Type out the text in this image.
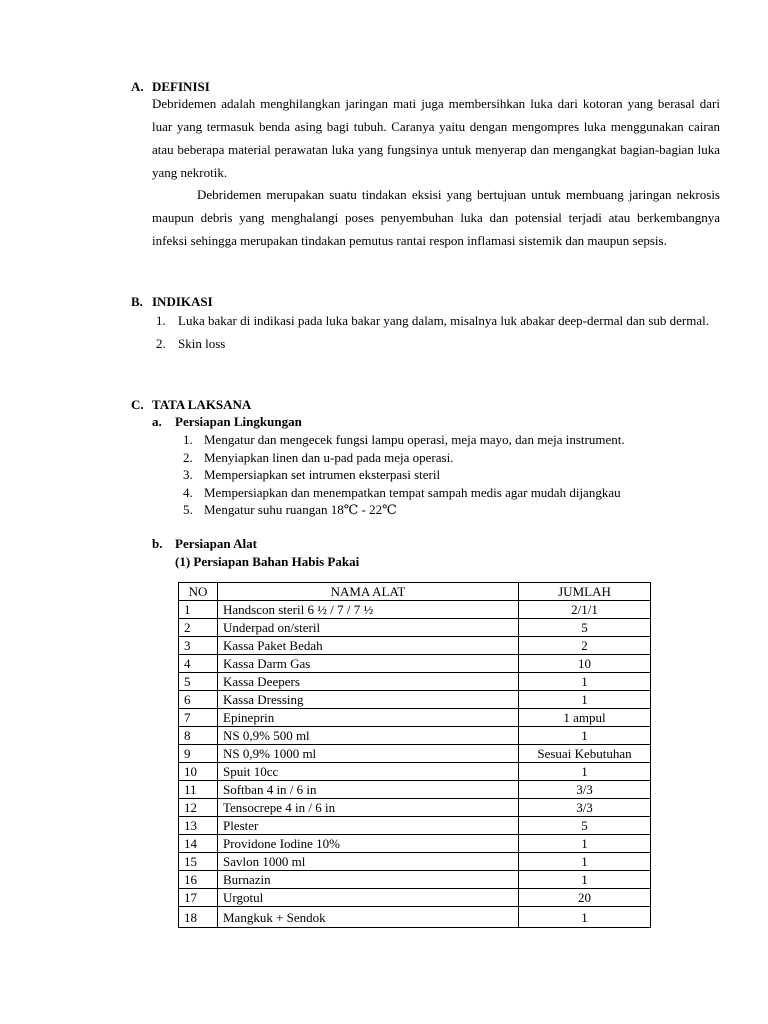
A. DEFINISI
Debridemen adalah menghilangkan jaringan mati juga membersihkan luka dari kotoran yang berasal dari luar yang termasuk benda asing bagi tubuh. Caranya yaitu dengan mengompres luka menggunakan cairan atau beberapa material perawatan luka yang fungsinya untuk menyerap dan mengangkat bagian-bagian luka yang nekrotik.
Debridemen merupakan suatu tindakan eksisi yang bertujuan untuk membuang jaringan nekrosis maupun debris yang menghalangi poses penyembuhan luka dan potensial terjadi atau berkembangnya infeksi sehingga merupakan tindakan pemutus rantai respon inflamasi sistemik dan maupun sepsis.
B. INDIKASI
1. Luka bakar di indikasi pada luka bakar yang dalam, misalnya luk abakar deep-dermal dan sub dermal.
2. Skin loss
C. TATA LAKSANA
a. Persiapan Lingkungan
1. Mengatur dan mengecek fungsi lampu operasi, meja mayo, dan meja instrument.
2. Menyiapkan linen dan u-pad pada meja operasi.
3. Mempersiapkan set intrumen eksterpasi steril
4. Mempersiapkan dan menempatkan tempat sampah medis agar mudah dijangkau
5. Mengatur suhu ruangan 18℃ - 22℃
b. Persiapan Alat
(1) Persiapan Bahan Habis Pakai
NO	NAMA ALAT	JUMLAH
1	Handscon steril 6 ½ / 7 / 7 ½	2/1/1
2	Underpad on/steril	5
3	Kassa Paket Bedah	2
4	Kassa Darm Gas	10
5	Kassa Deepers	1
6	Kassa Dressing	1
7	Epineprin	1 ampul
8	NS 0,9% 500 ml	1
9	NS 0,9% 1000 ml	Sesuai Kebutuhan
10	Spuit 10cc	1
11	Softban 4 in / 6 in	3/3
12	Tensocrepe 4 in / 6 in	3/3
13	Plester	5
14	Providone Iodine 10%	1
15	Savlon 1000 ml	1
16	Burnazin	1
17	Urgotul	20
18	Mangkuk + Sendok	1
